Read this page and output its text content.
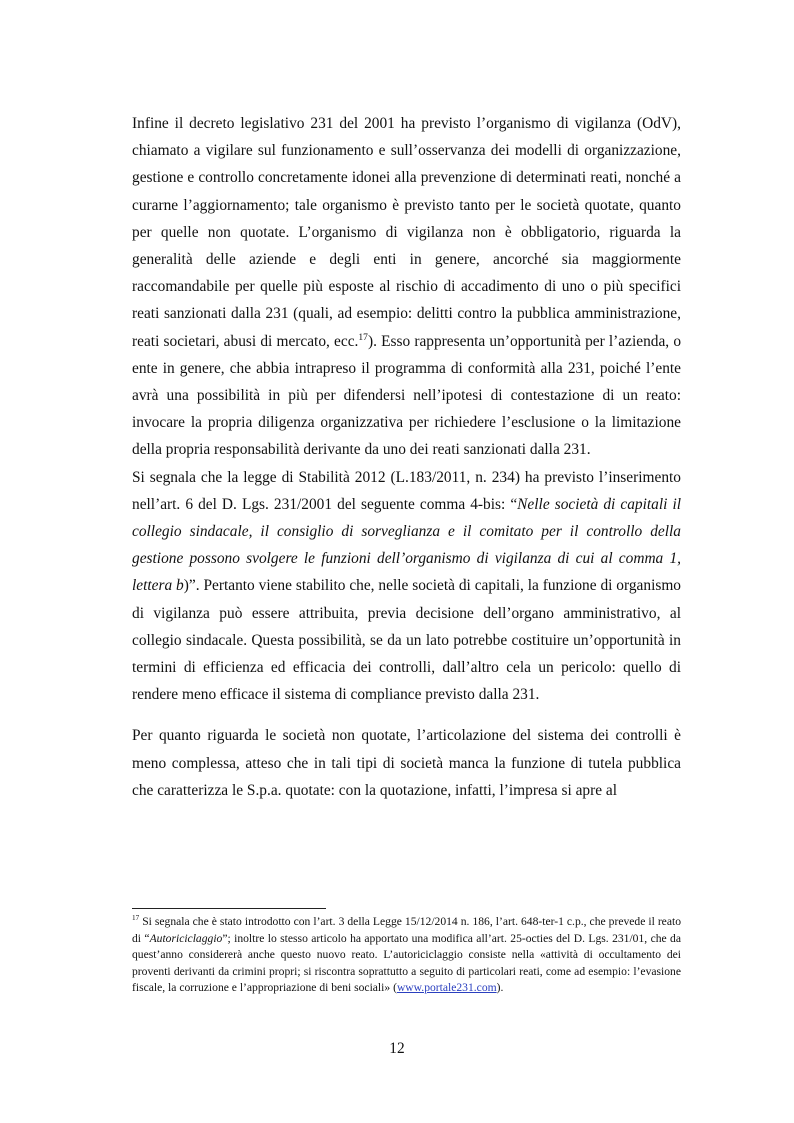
Infine il decreto legislativo 231 del 2001 ha previsto l’organismo di vigilanza (OdV), chiamato a vigilare sul funzionamento e sull’osservanza dei modelli di organizzazione, gestione e controllo concretamente idonei alla prevenzione di determinati reati, nonché a curarne l’aggiornamento; tale organismo è previsto tanto per le società quotate, quanto per quelle non quotate. L’organismo di vigilanza non è obbligatorio, riguarda la generalità delle aziende e degli enti in genere, ancorché sia maggiormente raccomandabile per quelle più esposte al rischio di accadimento di uno o più specifici reati sanzionati dalla 231 (quali, ad esempio: delitti contro la pubblica amministrazione, reati societari, abusi di mercato, ecc.$^{17}$). Esso rappresenta un’opportunità per l’azienda, o ente in genere, che abbia intrapreso il programma di conformità alla 231, poiché l’ente avrà una possibilità in più per difendersi nell’ipotesi di contestazione di un reato: invocare la propria diligenza organizzativa per richiedere l’esclusione o la limitazione della propria responsabilità derivante da uno dei reati sanzionati dalla 231.

Si segnala che la legge di Stabilità 2012 (L.183/2011, n. 234) ha previsto l’inserimento nell’art. 6 del D. Lgs. 231/2001 del seguente comma 4-bis: “Nelle società di capitali il collegio sindacale, il consiglio di sorveglianza e il comitato per il controllo della gestione possono svolgere le funzioni dell’organismo di vigilanza di cui al comma 1, lettera b)”. Pertanto viene stabilito che, nelle società di capitali, la funzione di organismo di vigilanza può essere attribuita, previa decisione dell’organo amministrativo, al collegio sindacale. Questa possibilità, se da un lato potrebbe costituire un’opportunità in termini di efficienza ed efficacia dei controlli, dall’altro cela un pericolo: quello di rendere meno efficace il sistema di compliance previsto dalla 231.

Per quanto riguarda le società non quotate, l’articolazione del sistema dei controlli è meno complessa, atteso che in tali tipi di società manca la funzione di tutela pubblica che caratterizza le S.p.a. quotate: con la quotazione, infatti, l’impresa si apre al

$^{17}$ Si segnala che è stato introdotto con l’art. 3 della Legge 15/12/2014 n. 186, l’art. 648-ter-1 c.p., che prevede il reato di “Autoriciclaggio”; inoltre lo stesso articolo ha apportato una modifica all’art. 25-octies del D. Lgs. 231/01, che da quest’anno considererà anche questo nuovo reato. L’autoriciclaggio consiste nella «attività di occultamento dei proventi derivanti da crimini propri; si riscontra soprattutto a seguito di particolari reati, come ad esempio: l’evasione fiscale, la corruzione e l’appropriazione di beni sociali» (www.portale231.com).

12
